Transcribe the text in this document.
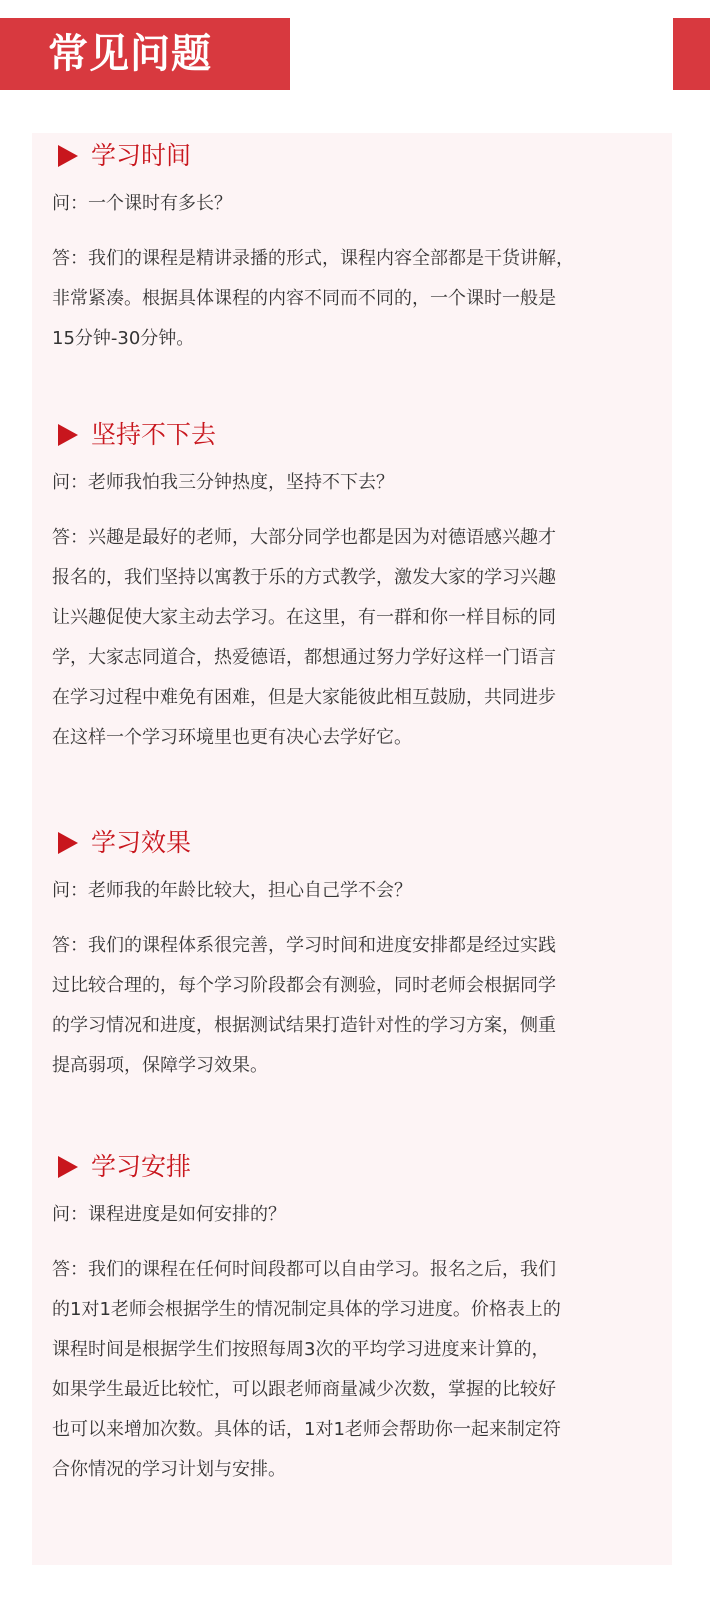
常见问题
学习时间
问：一个课时有多长？
答：我们的课程是精讲录播的形式，课程内容全部都是干货讲解，
非常紧凑。根据具体课程的内容不同而不同的，一个课时一般是
15分钟-30分钟。
坚持不下去
问：老师我怕我三分钟热度，坚持不下去？
答：兴趣是最好的老师，大部分同学也都是因为对德语感兴趣才
报名的，我们坚持以寓教于乐的方式教学，激发大家的学习兴趣
让兴趣促使大家主动去学习。在这里，有一群和你一样目标的同
学，大家志同道合，热爱德语，都想通过努力学好这样一门语言
在学习过程中难免有困难，但是大家能彼此相互鼓励，共同进步
在这样一个学习环境里也更有决心去学好它。
学习效果
问：老师我的年龄比较大，担心自己学不会？
答：我们的课程体系很完善，学习时间和进度安排都是经过实践
过比较合理的，每个学习阶段都会有测验，同时老师会根据同学
的学习情况和进度，根据测试结果打造针对性的学习方案，侧重
提高弱项，保障学习效果。
学习安排
问：课程进度是如何安排的？
答：我们的课程在任何时间段都可以自由学习。报名之后，我们
的1对1老师会根据学生的情况制定具体的学习进度。价格表上的
课程时间是根据学生们按照每周3次的平均学习进度来计算的，
如果学生最近比较忙，可以跟老师商量减少次数，掌握的比较好
也可以来增加次数。具体的话，1对1老师会帮助你一起来制定符
合你情况的学习计划与安排。
